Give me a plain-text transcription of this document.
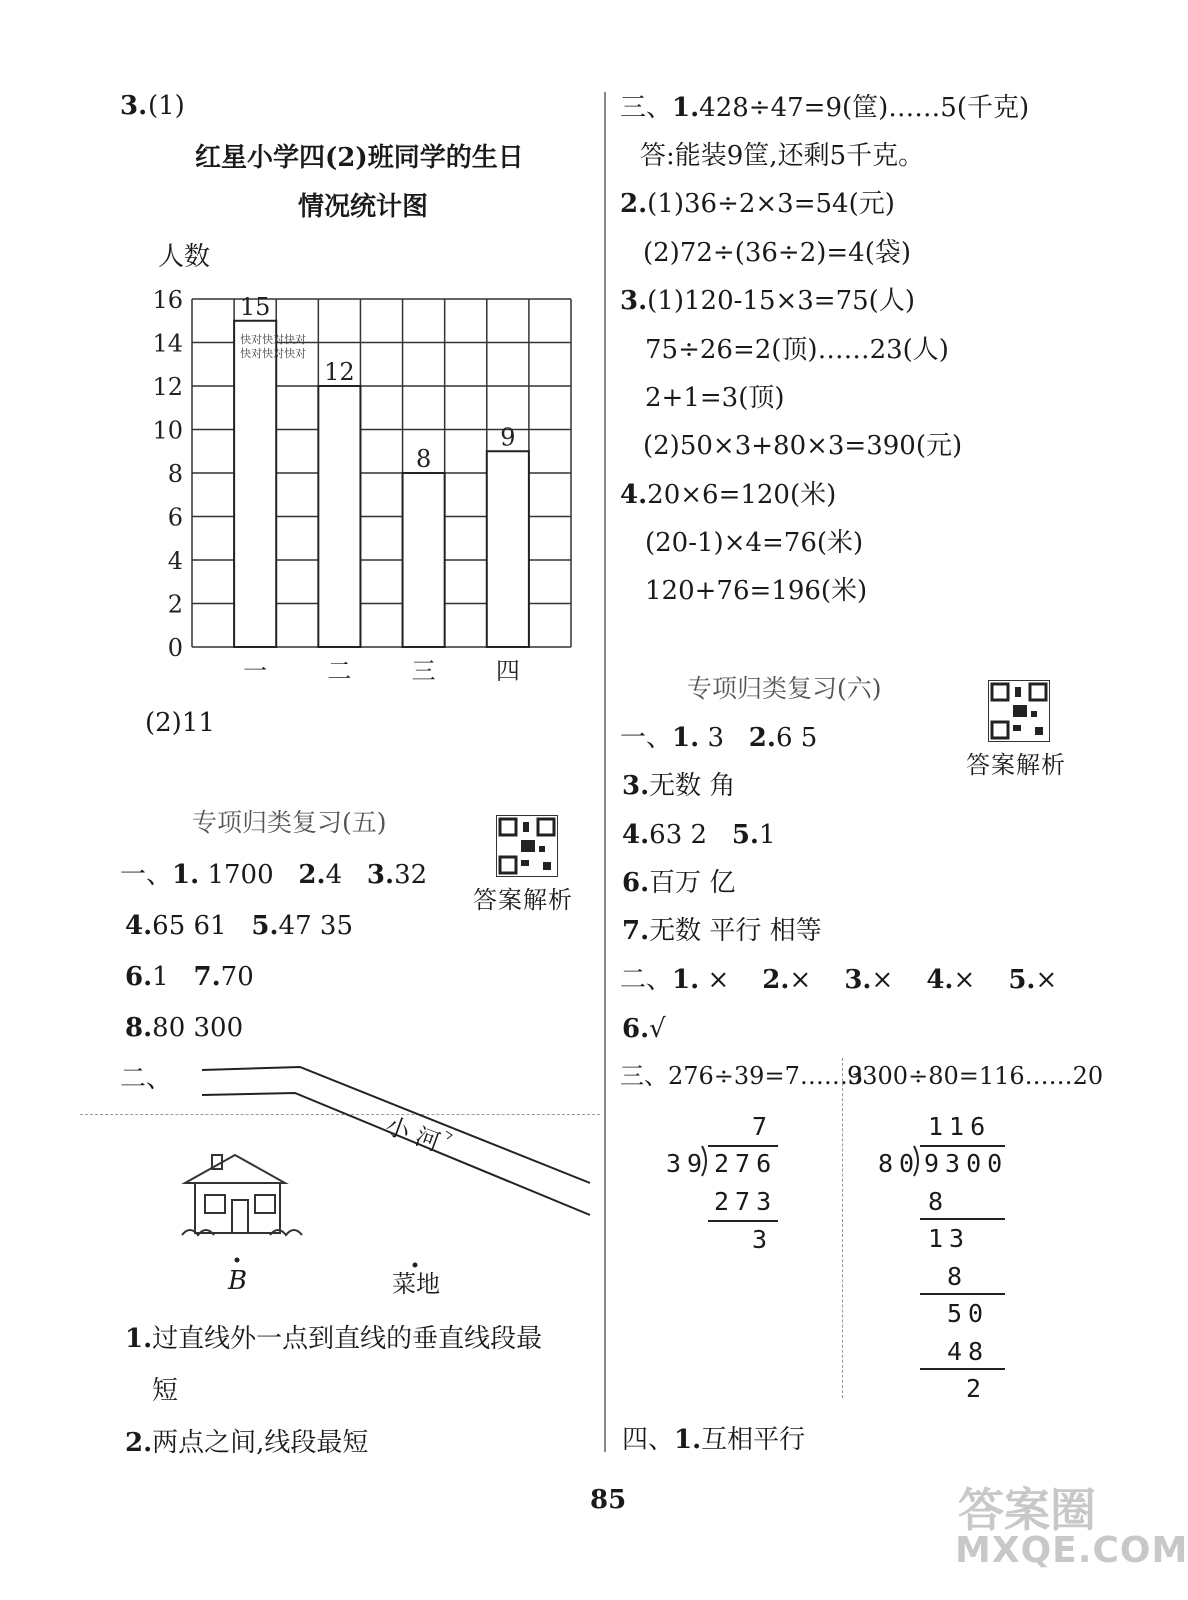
3. (1)
红星小学四(2)班同学的生日
情况统计图
人数
0
2
4
6
8
10
12
14
16 15
一
12
二
8
三
9
四
快对快对快对
快对快对快对
(2)11
专项归类复习(五)
答案解析
一、1. 1700 2.4 3.32
4.65 61 5.47 35
6.1 7.70
8.80 300
二、
小 河
B	菜地
1.过直线外一点到直线的垂直线段最
短
2.两点之间,线段最短
三、1.428÷47=9(筐)……5(千克)
答:能装9筐,还剩5千克。
2.(1)36÷2×3=54(元)
(2)72÷(36÷2)=4(袋)
3.(1)120-15×3=75(人)
75÷26=2(顶)……23(人)
2+1=3(顶)
(2)50×3+80×3=390(元)
4.20×6=120(米)
(20-1)×4=76(米)
120+76=196(米)
专项归类复习(六)
答案解析
一、1. 3 2.6 5
3.无数 角
4.63 2 5.1
6.百万 亿
7.无数 平行 相等
二、1. × 2.× 3.× 4.× 5.×
6.√
三、276÷39=7……3
9300÷80=116……20
7
39 276
273
3
116
80 9300
8
13
8
50
48
2
四、1.互相平行
85	答案圈
MXQE.COM
